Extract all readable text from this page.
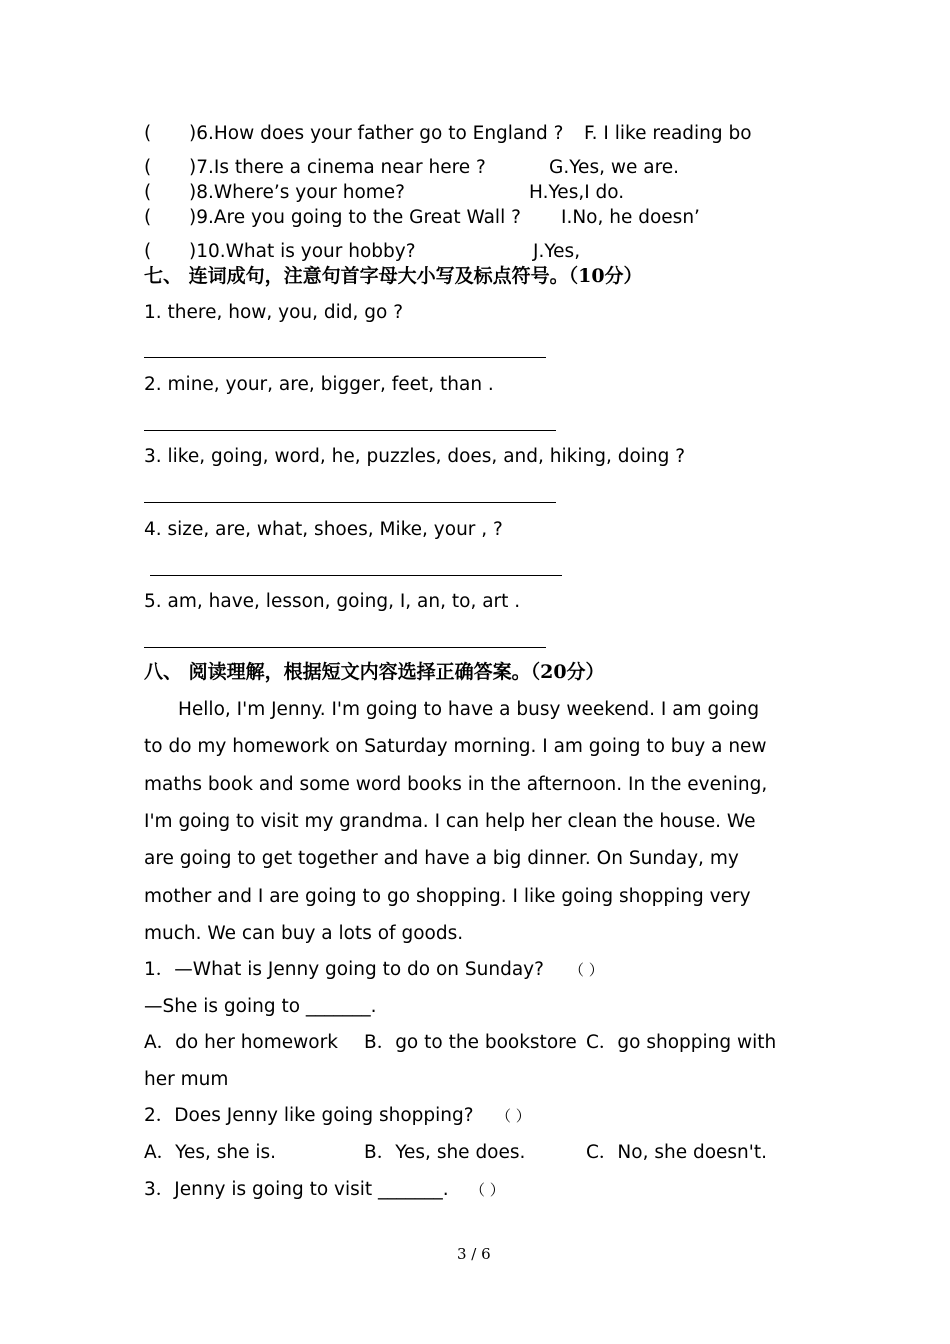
( )6.How does your father go to England ? F. I like reading bo
( )7.Is there a cinema near here ?	G.Yes, we are.
( )8.Where’s your home?	H.Yes,I do.
( )9.Are you going to the Great Wall ? I.No, he doesn’
( )10.What is your hobby?	J.Yes,
七、 连词成句，注意句首字母大小写及标点符号。（10分）
1. there, how, you, did, go ?
2. mine, your, are, bigger, feet, than .
3. like, going, word, he, puzzles, does, and, hiking, doing ?
4. size, are, what, shoes, Mike, your , ?
5. am, have, lesson, going, I, an, to, art .
八、 阅读理解，根据短文内容选择正确答案。（20分）
Hello, I'm Jenny. I'm going to have a busy weekend. I am going
to do my homework on Saturday morning. I am going to buy a new
maths book and some word books in the afternoon. In the evening,
I'm going to visit my grandma. I can help her clean the house. We
are going to get together and have a big dinner. On Sunday, my
mother and I are going to go shopping. I like going shopping very
much. We can buy a lots of goods.
1．—What is Jenny going to do on Sunday? （ ）
—She is going to _______.
A．do her homework B．go to the bookstore C．go shopping with
her mum
2．Does Jenny like going shopping? （ ）
A．Yes, she is.	B．Yes, she does.	C．No, she doesn't.
3．Jenny is going to visit _______. （ ）
3 / 6
